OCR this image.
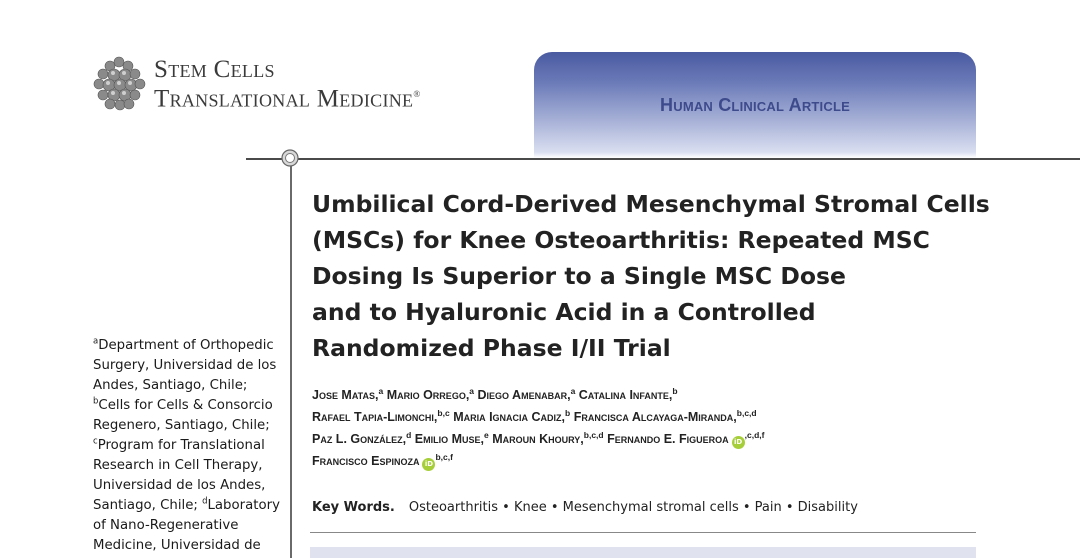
Stem Cells
Translational Medicine®
Human Clinical Article
$^a$Department of Orthopedic Surgery, Universidad de los Andes, Santiago, Chile; $^b$Cells for Cells & Consorcio Regenero, Santiago, Chile; $^c$Program for Translational Research in Cell Therapy, Universidad de los Andes, Santiago, Chile; $^d$Laboratory of Nano-Regenerative Medicine, Universidad de
Umbilical Cord-Derived Mesenchymal Stromal Cells
(MSCs) for Knee Osteoarthritis: Repeated MSC
Dosing Is Superior to a Single MSC Dose
and to Hyaluronic Acid in a Controlled
Randomized Phase I/II Trial
Jose Matas,$^a$ Mario Orrego,$^a$ Diego Amenabar,$^a$ Catalina Infante,$^b$
Rafael Tapia-Limonchi,$^{b,c}$ Maria Ignacia Cadiz,$^b$ Francisca Alcayaga-Miranda,$^{b,c,d}$
Paz L. González,$^d$ Emilio Muse,$^e$ Maroun Khoury,$^{b,c,d}$ Fernando E. Figueroa $iD^{,c,d,f}$
Francisco Espinoza iD$^{b,c,f}$
Key Words. Osteoarthritis • Knee • Mesenchymal stromal cells • Pain • Disability
